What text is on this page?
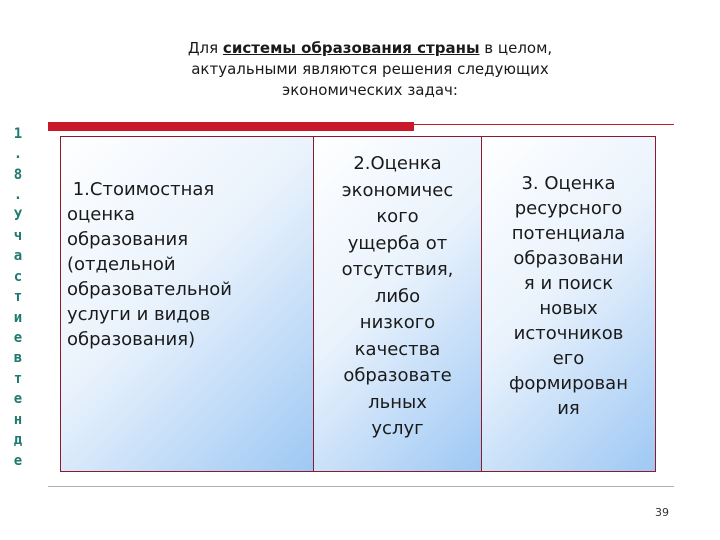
Для системы образования страны в целом,
актуальными являются решения следующих
экономических задач:
1
.
8
.
У
ч
а
с
т
и
е
в
т
е
н
д
е
1.Стоимостная
оценка
образования
(отдельной
образовательной
услуги и видов
образования)
2.Оценка
экономичес
кого
ущерба от
отсутствия,
либо
низкого
качества
образовате
льных
услуг
3. Оценка
ресурсного
потенциала
образовани
я и поиск
новых
источников
его
формирован
ия
39
